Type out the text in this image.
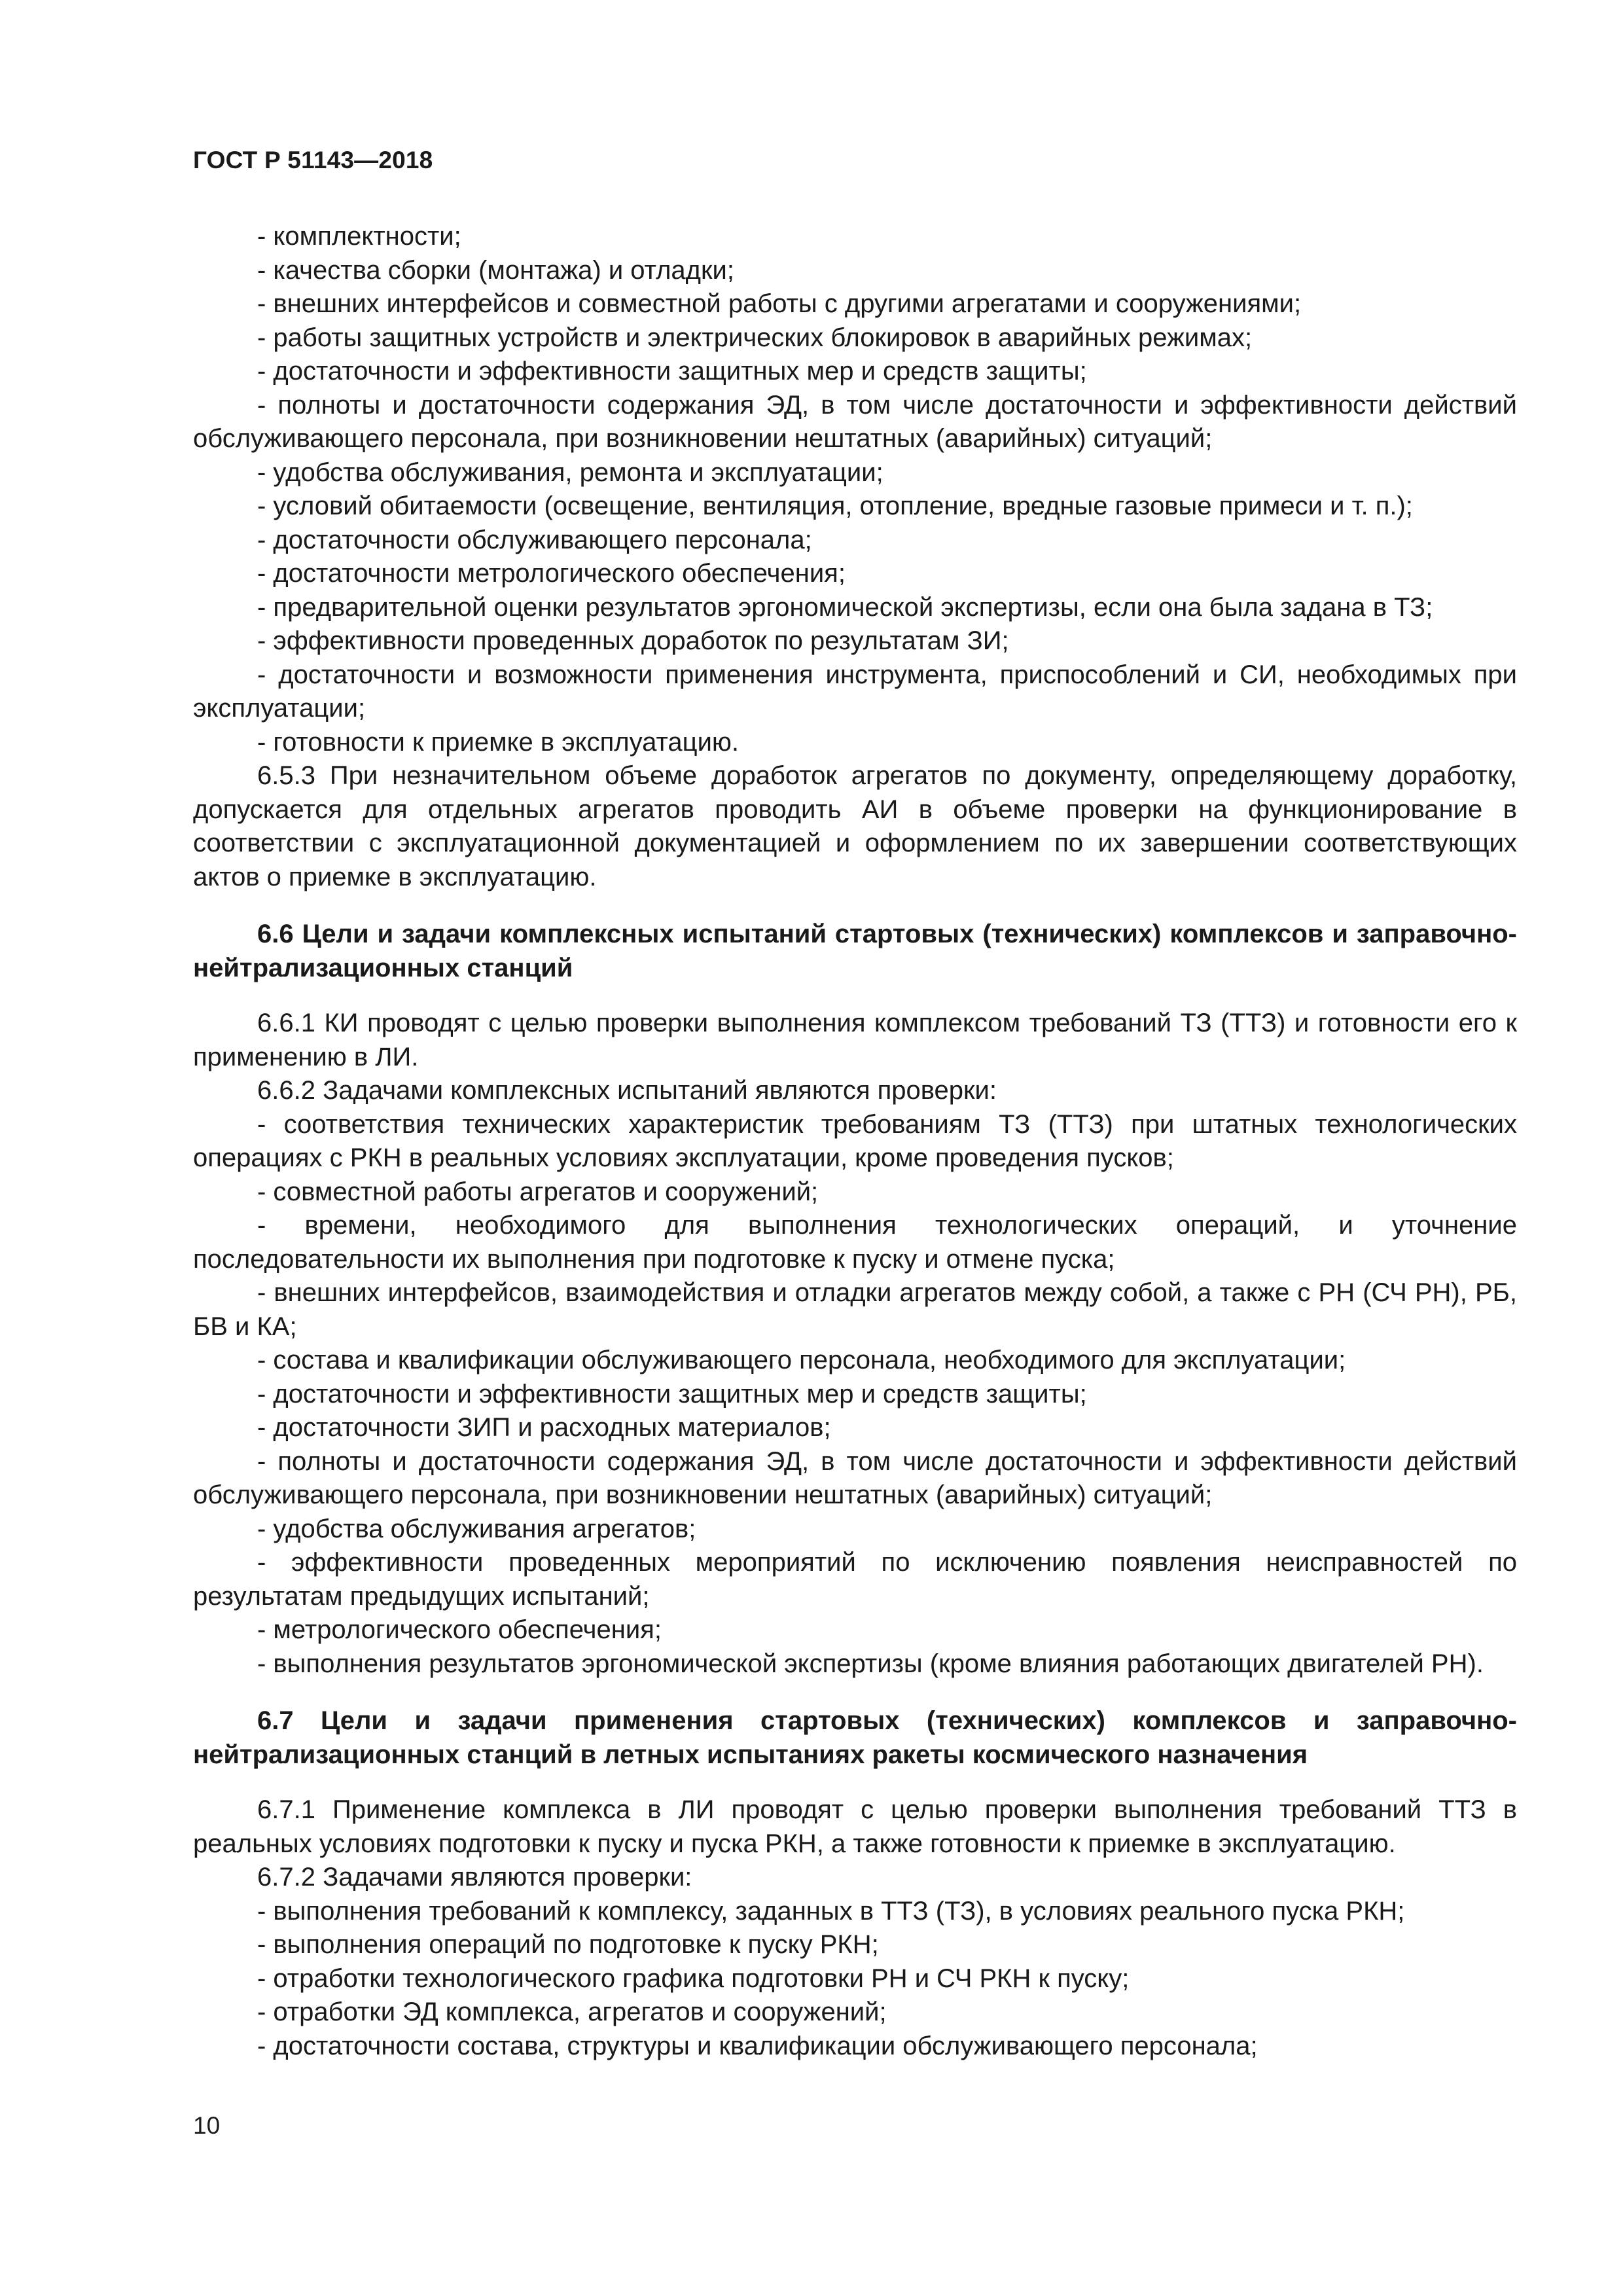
ГОСТ Р 51143—2018

- комплектности;

- качества сборки (монтажа) и отладки;

- внешних интерфейсов и совместной работы с другими агрегатами и сооружениями;

- работы защитных устройств и электрических блокировок в аварийных режимах;

- достаточности и эффективности защитных мер и средств защиты;

- полноты и достаточности содержания ЭД, в том числе достаточности и эффективности действий обслуживающего персонала, при возникновении нештатных (аварийных) ситуаций;

- удобства обслуживания, ремонта и эксплуатации;

- условий обитаемости (освещение, вентиляция, отопление, вредные газовые примеси и т. п.);

- достаточности обслуживающего персонала;

- достаточности метрологического обеспечения;

- предварительной оценки результатов эргономической экспертизы, если она была задана в ТЗ;

- эффективности проведенных доработок по результатам ЗИ;

- достаточности и возможности применения инструмента, приспособлений и СИ, необходимых при эксплуатации;

- готовности к приемке в эксплуатацию.

6.5.3 При незначительном объеме доработок агрегатов по документу, определяющему доработку, допускается для отдельных агрегатов проводить АИ в объеме проверки на функционирование в соответствии с эксплуатационной документацией и оформлением по их завершении соответствующих актов о приемке в эксплуатацию.

6.6 Цели и задачи комплексных испытаний стартовых (технических) комплексов и заправочно-нейтрализационных станций

6.6.1 КИ проводят с целью проверки выполнения комплексом требований ТЗ (ТТЗ) и готовности его к применению в ЛИ.

6.6.2 Задачами комплексных испытаний являются проверки:

- соответствия технических характеристик требованиям ТЗ (ТТЗ) при штатных технологических операциях с РКН в реальных условиях эксплуатации, кроме проведения пусков;

- совместной работы агрегатов и сооружений;

- времени, необходимого для выполнения технологических операций, и уточнение последовательности их выполнения при подготовке к пуску и отмене пуска;

- внешних интерфейсов, взаимодействия и отладки агрегатов между собой, а также с РН (СЧ РН), РБ, БВ и КА;

- состава и квалификации обслуживающего персонала, необходимого для эксплуатации;

- достаточности и эффективности защитных мер и средств защиты;

- достаточности ЗИП и расходных материалов;

- полноты и достаточности содержания ЭД, в том числе достаточности и эффективности действий обслуживающего персонала, при возникновении нештатных (аварийных) ситуаций;

- удобства обслуживания агрегатов;

- эффективности проведенных мероприятий по исключению появления неисправностей по результатам предыдущих испытаний;

- метрологического обеспечения;

- выполнения результатов эргономической экспертизы (кроме влияния работающих двигателей РН).

6.7 Цели и задачи применения стартовых (технических) комплексов и заправочно-нейтрализационных станций в летных испытаниях ракеты космического назначения

6.7.1 Применение комплекса в ЛИ проводят с целью проверки выполнения требований ТТЗ в реальных условиях подготовки к пуску и пуска РКН, а также готовности к приемке в эксплуатацию.

6.7.2 Задачами являются проверки:

- выполнения требований к комплексу, заданных в ТТЗ (ТЗ), в условиях реального пуска РКН;

- выполнения операций по подготовке к пуску РКН;

- отработки технологического графика подготовки РН и СЧ РКН к пуску;

- отработки ЭД комплекса, агрегатов и сооружений;

- достаточности состава, структуры и квалификации обслуживающего персонала;

10
